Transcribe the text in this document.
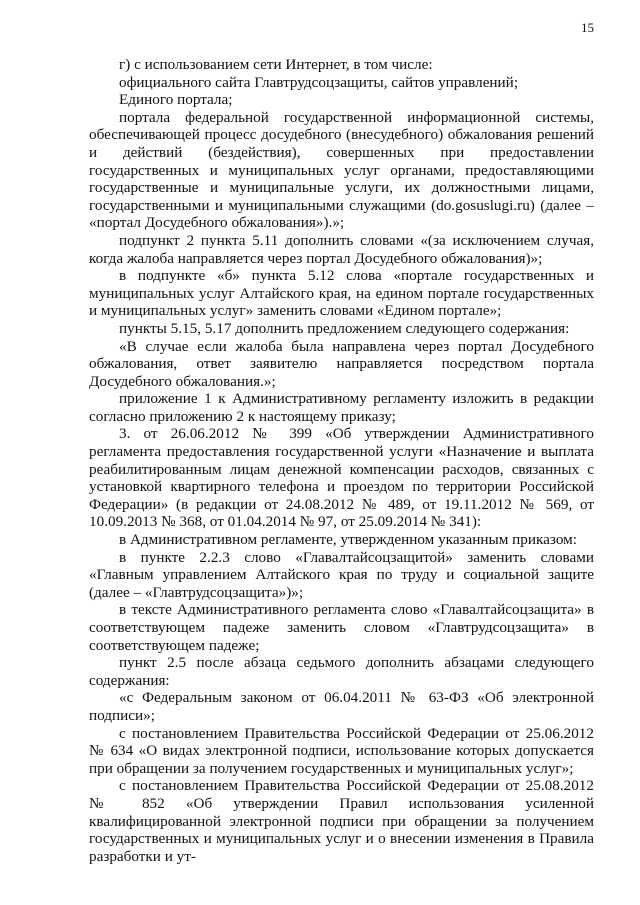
15

г) с использованием сети Интернет, в том числе:

официального сайта Главтрудсоцзащиты, сайтов управлений;

Единого портала;

портала федеральной государственной информационной системы, обеспечивающей процесс досудебного (внесудебного) обжалования решений и действий (бездействия), совершенных при предоставлении государственных и муниципальных услуг органами, предоставляющими государственные и муниципальные услуги, их должностными лицами, государственными и муниципальными служащими (do.gosuslugi.ru) (далее – «портал Досудебного обжалования»).»;

подпункт 2 пункта 5.11 дополнить словами «(за исключением случая, когда жалоба направляется через портал Досудебного обжалования)»;

в подпункте «б» пункта 5.12 слова «портале государственных и муниципальных услуг Алтайского края, на едином портале государственных и муниципальных услуг» заменить словами «Едином портале»;

пункты 5.15, 5.17 дополнить предложением следующего содержания:

«В случае если жалоба была направлена через портал Досудебного обжалования, ответ заявителю направляется посредством портала Досудебного обжалования.»;

приложение 1 к Административному регламенту изложить в редакции согласно приложению 2 к настоящему приказу;

3. от 26.06.2012 № 399 «Об утверждении Административного регламента предоставления государственной услуги «Назначение и выплата реабилитированным лицам денежной компенсации расходов, связанных с установкой квартирного телефона и проездом по территории Российской Федерации» (в редакции от 24.08.2012 № 489, от 19.11.2012 № 569, от 10.09.2013 № 368, от 01.04.2014 № 97, от 25.09.2014 № 341):

в Административном регламенте, утвержденном указанным приказом:

в пункте 2.2.3 слово «Главалтайсоцзащитой» заменить словами «Главным управлением Алтайского края по труду и социальной защите (далее – «Главтрудсоцзащита»)»;

в тексте Административного регламента слово «Главалтайсоцзащита» в соответствующем падеже заменить словом «Главтрудсоцзащита» в соответствующем падеже;

пункт 2.5 после абзаца седьмого дополнить абзацами следующего содержания:

«с Федеральным законом от 06.04.2011 № 63-ФЗ «Об электронной подписи»;

с постановлением Правительства Российской Федерации от 25.06.2012 № 634 «О видах электронной подписи, использование которых допускается при обращении за получением государственных и муниципальных услуг»;

с постановлением Правительства Российской Федерации от 25.08.2012 № 852 «Об утверждении Правил использования усиленной квалифицированной электронной подписи при обращении за получением государственных и муниципальных услуг и о внесении изменения в Правила разработки и ут-
